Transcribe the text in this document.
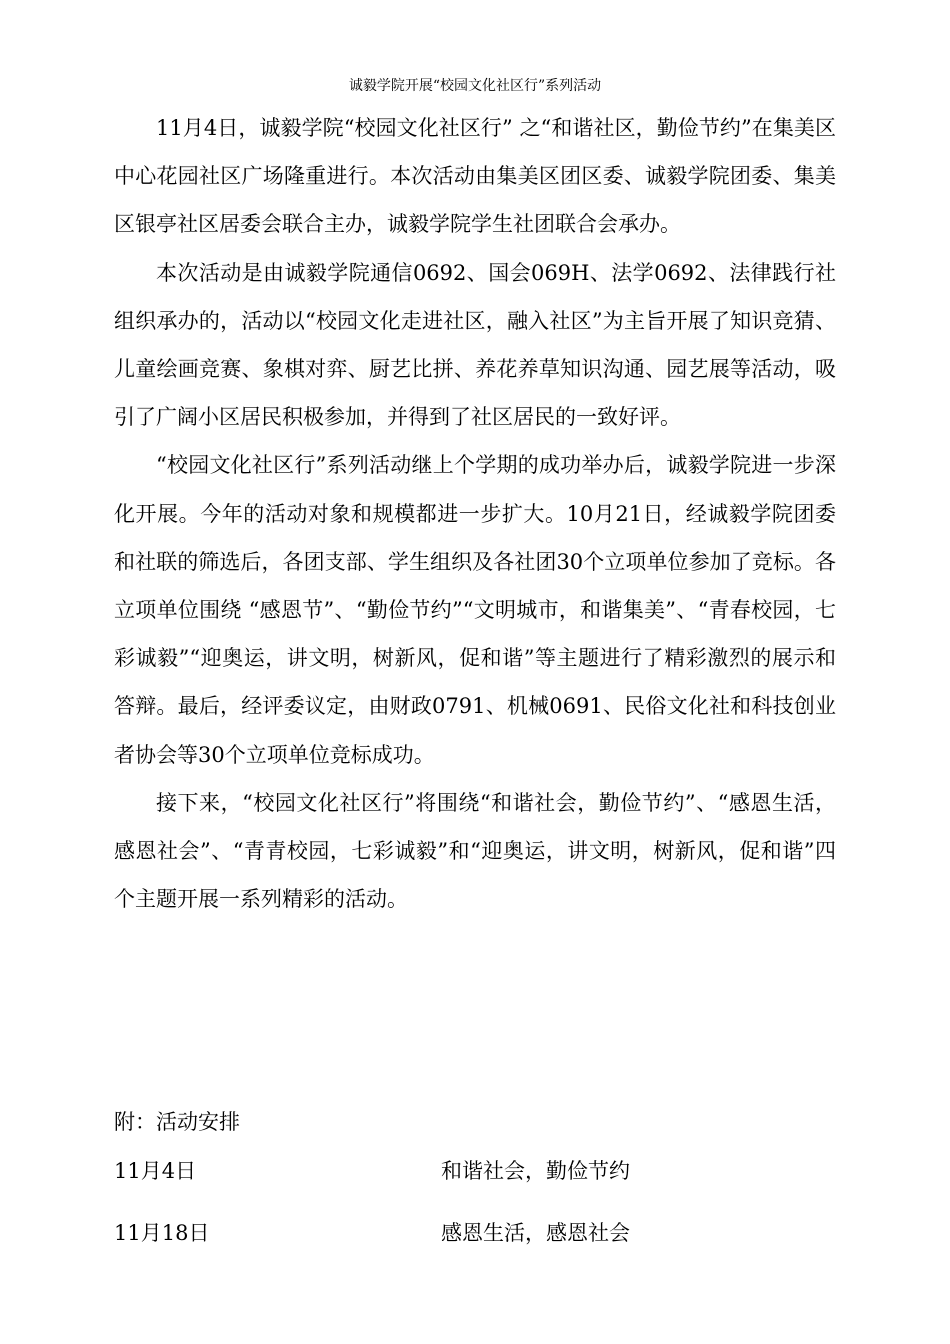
诚毅学院开展“校园文化社区行”系列活动

11月4日，诚毅学院“校园文化社区行” 之“和谐社区，勤俭节约”在集美区中心花园社区广场隆重进行。本次活动由集美区团区委、诚毅学院团委、集美区银亭社区居委会联合主办，诚毅学院学生社团联合会承办。

本次活动是由诚毅学院通信0692、国会069H、法学0692、法律践行社组织承办的，活动以“校园文化走进社区，融入社区”为主旨开展了知识竞猜、儿童绘画竞赛、象棋对弈、厨艺比拼、养花养草知识沟通、园艺展等活动，吸引了广阔小区居民积极参加，并得到了社区居民的一致好评。

“校园文化社区行”系列活动继上个学期的成功举办后，诚毅学院进一步深化开展。今年的活动对象和规模都进一步扩大。10月21日，经诚毅学院团委和社联的筛选后，各团支部、学生组织及各社团30个立项单位参加了竞标。各立项单位围绕 “感恩节”、“勤俭节约”“文明城市，和谐集美”、“青春校园，七彩诚毅”“迎奥运，讲文明，树新风，促和谐”等主题进行了精彩激烈的展示和答辩。最后，经评委议定，由财政0791、机械0691、民俗文化社和科技创业者协会等30个立项单位竞标成功。

接下来，“校园文化社区行”将围绕“和谐社会，勤俭节约”、“感恩生活，感恩社会”、“青青校园，七彩诚毅”和“迎奥运，讲文明，树新风，促和谐”四个主题开展一系列精彩的活动。

附：活动安排
11月4日	和谐社会，勤俭节约
11月18日	感恩生活，感恩社会
